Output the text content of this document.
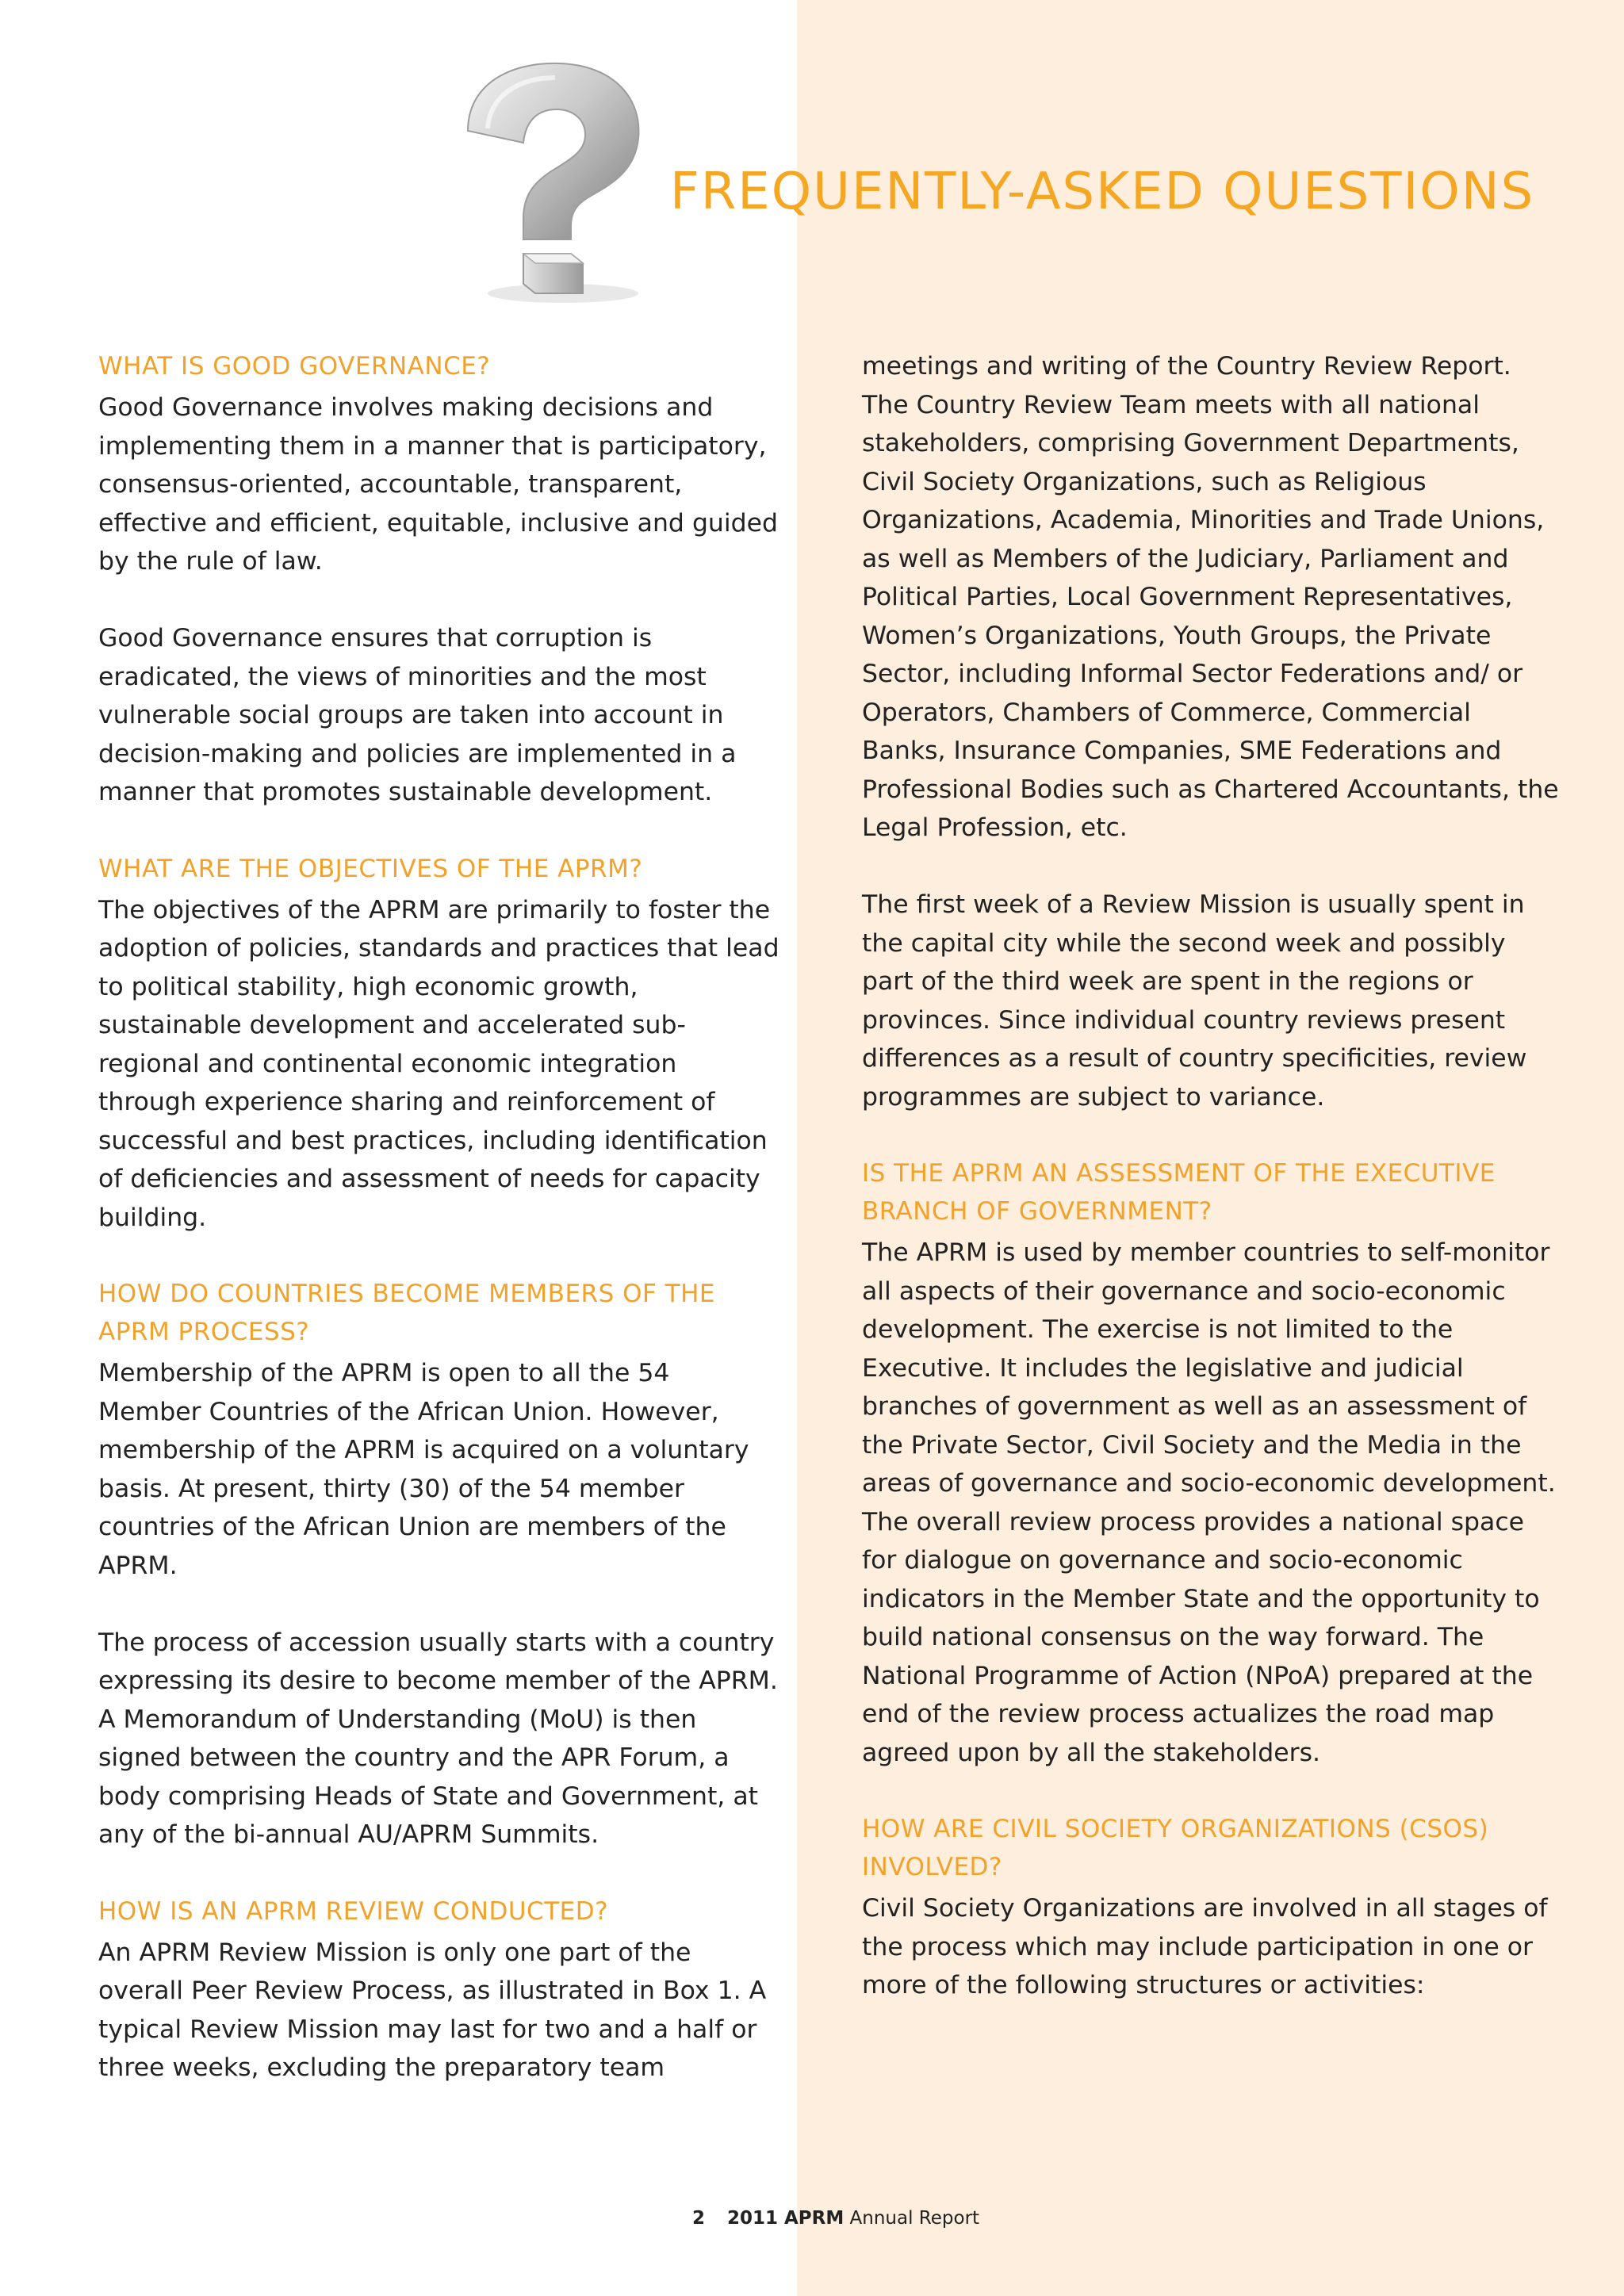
FREQUENTLY-ASKED QUESTIONS
WHAT IS GOOD GOVERNANCE?

Good Governance involves making decisions and implementing them in a manner that is participatory, consensus-oriented, accountable, transparent, effective and efficient, equitable, inclusive and guided by the rule of law.

Good Governance ensures that corruption is eradicated, the views of minorities and the most vulnerable social groups are taken into account in decision-making and policies are implemented in a manner that promotes sustainable development.

WHAT ARE THE OBJECTIVES OF THE APRM?

The objectives of the APRM are primarily to foster the adoption of policies, standards and practices that lead to political stability, high economic growth, sustainable development and accelerated sub-regional and continental economic integration through experience sharing and reinforcement of successful and best practices, including identification of deficiencies and assessment of needs for capacity building.

HOW DO COUNTRIES BECOME MEMBERS OF THE APRM PROCESS?

Membership of the APRM is open to all the 54 Member Countries of the African Union. However, membership of the APRM is acquired on a voluntary basis. At present, thirty (30) of the 54 member countries of the African Union are members of the APRM.

The process of accession usually starts with a country expressing its desire to become member of the APRM. A Memorandum of Understanding (MoU) is then signed between the country and the APR Forum, a body comprising Heads of State and Government, at any of the bi-annual AU/APRM Summits.

HOW IS AN APRM REVIEW CONDUCTED?

An APRM Review Mission is only one part of the overall Peer Review Process, as illustrated in Box 1. A typical Review Mission may last for two and a half or three weeks, excluding the preparatory team

meetings and writing of the Country Review Report. The Country Review Team meets with all national stakeholders, comprising Government Departments, Civil Society Organizations, such as Religious Organizations, Academia, Minorities and Trade Unions, as well as Members of the Judiciary, Parliament and Political Parties, Local Government Representatives, Women’s Organizations, Youth Groups, the Private Sector, including Informal Sector Federations and/ or Operators, Chambers of Commerce, Commercial Banks, Insurance Companies, SME Federations and Professional Bodies such as Chartered Accountants, the Legal Profession, etc.

The first week of a Review Mission is usually spent in the capital city while the second week and possibly part of the third week are spent in the regions or provinces. Since individual country reviews present differences as a result of country specificities, review programmes are subject to variance.

IS THE APRM AN ASSESSMENT OF THE EXECUTIVE BRANCH OF GOVERNMENT?

The APRM is used by member countries to self-monitor all aspects of their governance and socio-economic development. The exercise is not limited to the Executive. It includes the legislative and judicial branches of government as well as an assessment of the Private Sector, Civil Society and the Media in the areas of governance and socio-economic development. The overall review process provides a national space for dialogue on governance and socio-economic indicators in the Member State and the opportunity to build national consensus on the way forward. The National Programme of Action (NPoA) prepared at the end of the review process actualizes the road map agreed upon by all the stakeholders.

HOW ARE CIVIL SOCIETY ORGANIZATIONS (CSOS) INVOLVED?

Civil Society Organizations are involved in all stages of the process which may include participation in one or more of the following structures or activities:

2 2011 APRM Annual Report
